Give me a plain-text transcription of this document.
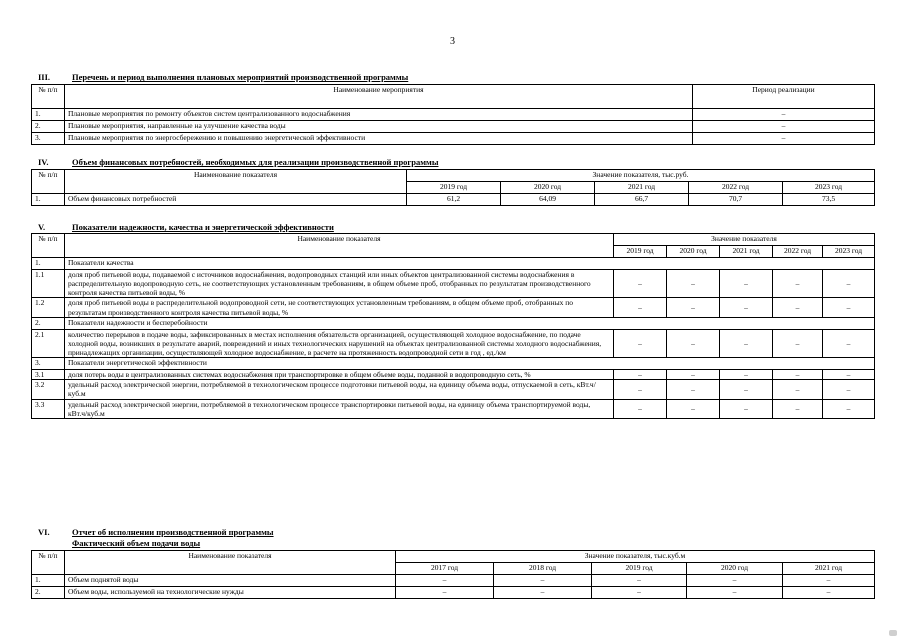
3
III.	Перечень и период выполнения плановых мероприятий производственной программы
№ п/п	Наименование мероприятия	Период реализации
1.	Плановые мероприятия по ремонту объектов систем централизованного водоснабжения	–
2.	Плановые мероприятия, направленные на улучшение качества воды	–
3.	Плановые мероприятия по энергосбережению и повышению энергетической эффективности	–
IV.	Объем финансовых потребностей, необходимых для реализации производственной программы
№ п/п	Наименование показателя	Значение показателя, тыс.руб.				
		2019 год	2020 год	2021 год	2022 год	2023 год
1.	Объем финансовых потребностей	61,2	64,09	66,7	70,7	73,5
V.	Показатели надежности, качества и энергетической эффективности
№ п/п	Наименование показателя	Значение показателя				
		2019 год	2020 год	2021 год	2022 год	2023 год
1.	Показатели качества					
1.1	доля проб питьевой воды, подаваемой с источников водоснабжения, водопроводных станций или иных объектов централизованной системы водоснабжения в распределительную водопроводную сеть, не соответствующих установленным требованиям, в общем объеме проб, отобранных по результатам производственного контроля качества питьевой воды, %	–	–	–	–	–
1.2	доля проб питьевой воды в распределительной водопроводной сети, не соответствующих установленным требованиям, в общем объеме проб, отобранных по результатам производственного контроля качества питьевой воды, %	–	–	–	–	–
2.	Показатели надежности и бесперебойности					
2.1	количество перерывов в подаче воды, зафиксированных в местах исполнения обязательств организацией, осуществляющей холодное водоснабжение, по подаче холодной воды, возникших в результате аварий, повреждений и иных технологических нарушений на объектах централизованной системы холодного водоснабжения, принадлежащих организации, осуществляющей холодное водоснабжение, в расчете на протяженность водопроводной сети в год , ед./км	–	–	–	–	–
3.	Показатели энергетической эффективности					
3.1	доля потерь воды в централизованных системах водоснабжения при транспортировке в общем объеме воды, поданной в водопроводную сеть, %	–	–	–	–	–
3.2	удельный расход электрической энергии, потребляемой в технологическом процессе подготовки питьевой воды, на единицу объема воды, отпускаемой в сеть, кВт.ч/куб.м	–	–	–	–	–
3.3	удельный расход электрической энергии, потребляемой в технологическом процессе транспортировки питьевой воды, на единицу объема транспортируемой воды, кВт.ч/куб.м	–	–	–	–	–
VI.	Отчет об исполнении производственной программы
Фактический объем подачи воды
№ п/п	Наименование показателя	Значение показателя, тыс.куб.м				
		2017 год	2018 год	2019 год	2020 год	2021 год
1.	Объем поднятой воды	–	–	–	–	–
2.	Объем воды, используемой на технологические нужды	–	–	–	–	–
